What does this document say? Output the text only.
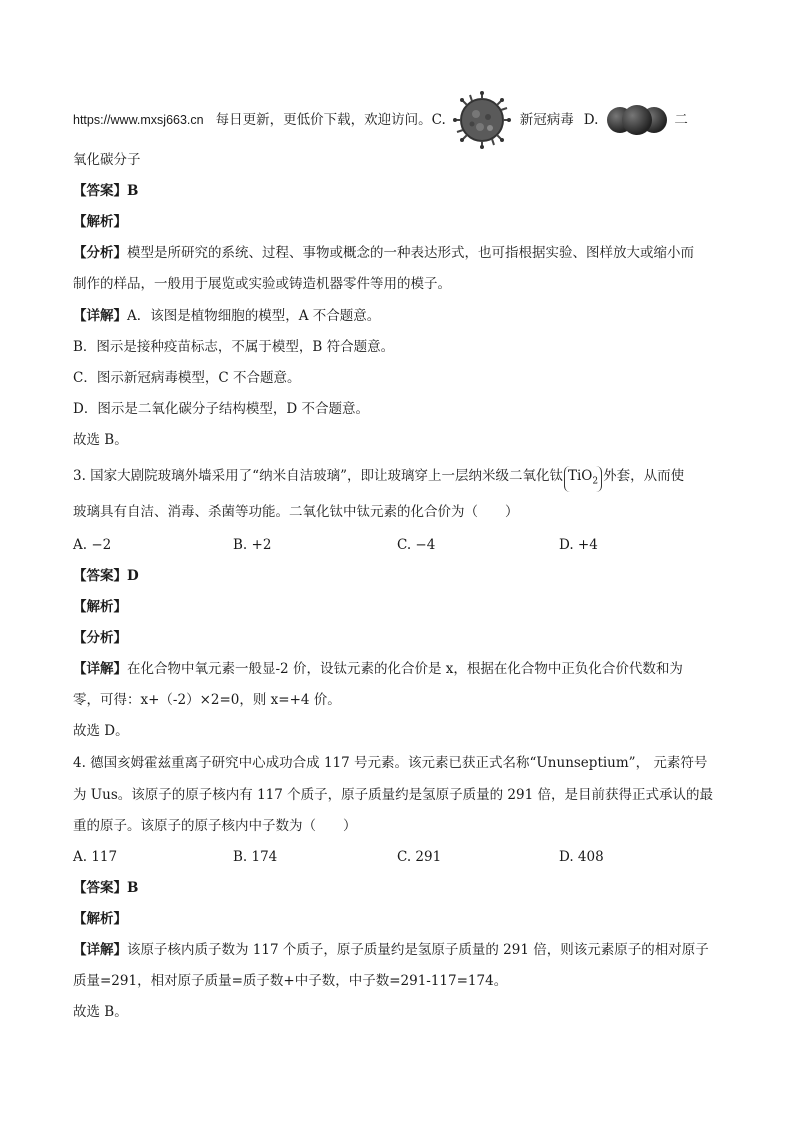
https://www.mxsj663.cn 每日更新，更低价下载，欢迎访问。C.	新冠病毒 D.	二
氧化碳分子
【答案】B
【解析】
【分析】模型是所研究的系统、过程、事物或概念的一种表达形式，也可指根据实验、图样放大或缩小而
制作的样品，一般用于展览或实验或铸造机器零件等用的模子。
【详解】A．该图是植物细胞的模型，A 不合题意。
B．图示是接种疫苗标志，不属于模型，B 符合题意。
C．图示新冠病毒模型，C 不合题意。
D．图示是二氧化碳分子结构模型，D 不合题意。
故选 B。
3. 国家大剧院玻璃外墙采用了“纳米自洁玻璃”，即让玻璃穿上一层纳米级二氧化钛 TiO$_2$ 外套，从而使
玻璃具有自洁、消毒、杀菌等功能。二氧化钛中钛元素的化合价为（　　）
A. −2	B. +2	C. −4	D. +4
【答案】D
【解析】
【分析】
【详解】在化合物中氧元素一般显-2 价，设钛元素的化合价是 x，根据在化合物中正负化合价代数和为
零，可得：x+（-2）×2=0，则 x=+4 价。
故选 D。
4. 德国亥姆霍兹重离子研究中心成功合成 117 号元素。该元素已获正式名称“Ununseptium”， 元素符号
为 Uus。该原子的原子核内有 117 个质子，原子质量约是氢原子质量的 291 倍，是目前获得正式承认的最
重的原子。该原子的原子核内中子数为（　　）
A. 117	B. 174	C. 291	D. 408
【答案】B
【解析】
【详解】该原子核内质子数为 117 个质子，原子质量约是氢原子质量的 291 倍，则该元素原子的相对原子
质量=291，相对原子质量=质子数+中子数，中子数=291-117=174。
故选 B。
